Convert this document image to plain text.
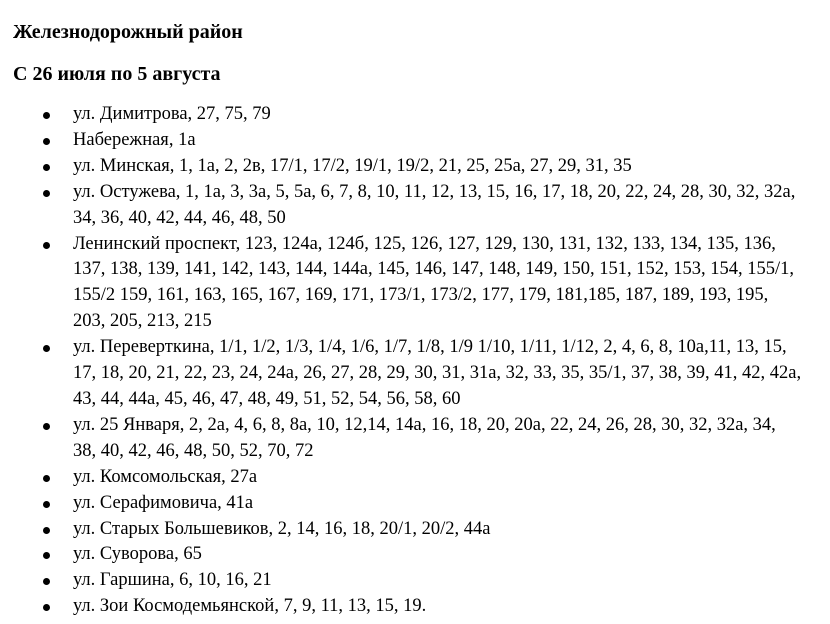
Железнодорожный район
С 26 июля по 5 августа
ул. Димитрова, 27, 75, 79
Набережная, 1а
ул. Минская, 1, 1а, 2, 2в, 17/1, 17/2, 19/1, 19/2, 21, 25, 25а, 27, 29, 31, 35
ул. Остужева, 1, 1а, 3, 3а, 5, 5а, 6, 7, 8, 10, 11, 12, 13, 15, 16, 17, 18, 20, 22, 24, 28, 30, 32, 32а, 34, 36, 40, 42, 44, 46, 48, 50
Ленинский проспект, 123, 124а, 124б, 125, 126, 127, 129, 130, 131, 132, 133, 134, 135, 136, 137, 138, 139, 141, 142, 143, 144, 144а, 145, 146, 147, 148, 149, 150, 151, 152, 153, 154, 155/1, 155/2 159, 161, 163, 165, 167, 169, 171, 173/1, 173/2, 177, 179, 181,185, 187, 189, 193, 195, 203, 205, 213, 215
ул. Переверткина, 1/1, 1/2, 1/3, 1/4, 1/6, 1/7, 1/8, 1/9 1/10, 1/11, 1/12, 2, 4, 6, 8, 10а,11, 13, 15, 17, 18, 20, 21, 22, 23, 24, 24а, 26, 27, 28, 29, 30, 31, 31а, 32, 33, 35, 35/1, 37, 38, 39, 41, 42, 42а, 43, 44, 44а, 45, 46, 47, 48, 49, 51, 52, 54, 56, 58, 60
ул. 25 Января, 2, 2а, 4, 6, 8, 8а, 10, 12,14, 14а, 16, 18, 20, 20а, 22, 24, 26, 28, 30, 32, 32а, 34, 38, 40, 42, 46, 48, 50, 52, 70, 72
ул. Комсомольская, 27а
ул. Серафимовича, 41а
ул. Старых Большевиков, 2, 14, 16, 18, 20/1, 20/2, 44а
ул. Суворова, 65
ул. Гаршина, 6, 10, 16, 21
ул. Зои Космодемьянской, 7, 9, 11, 13, 15, 19.
